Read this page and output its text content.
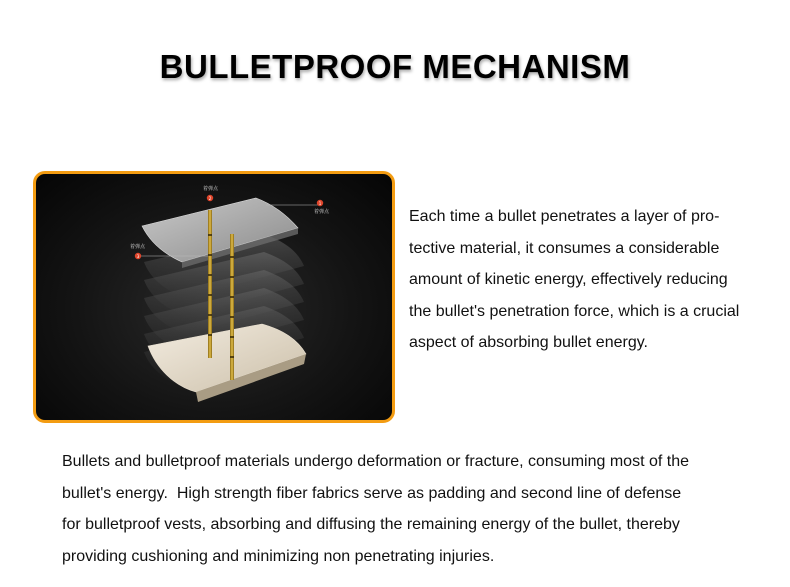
BULLETPROOF MECHANISM
1
着弹点
2
着弹点
3
着弹点
Each time a bullet penetrates a layer of pro-
tective material, it consumes a considerable
amount of kinetic energy, effectively reducing
the bullet's penetration force, which is a crucial
aspect of absorbing bullet energy.
Bullets and bulletproof materials undergo deformation or fracture, consuming most of the
bullet's energy.  High strength fiber fabrics serve as padding and second line of defense
for bulletproof vests, absorbing and diffusing the remaining energy of the bullet, thereby
providing cushioning and minimizing non penetrating injuries.
